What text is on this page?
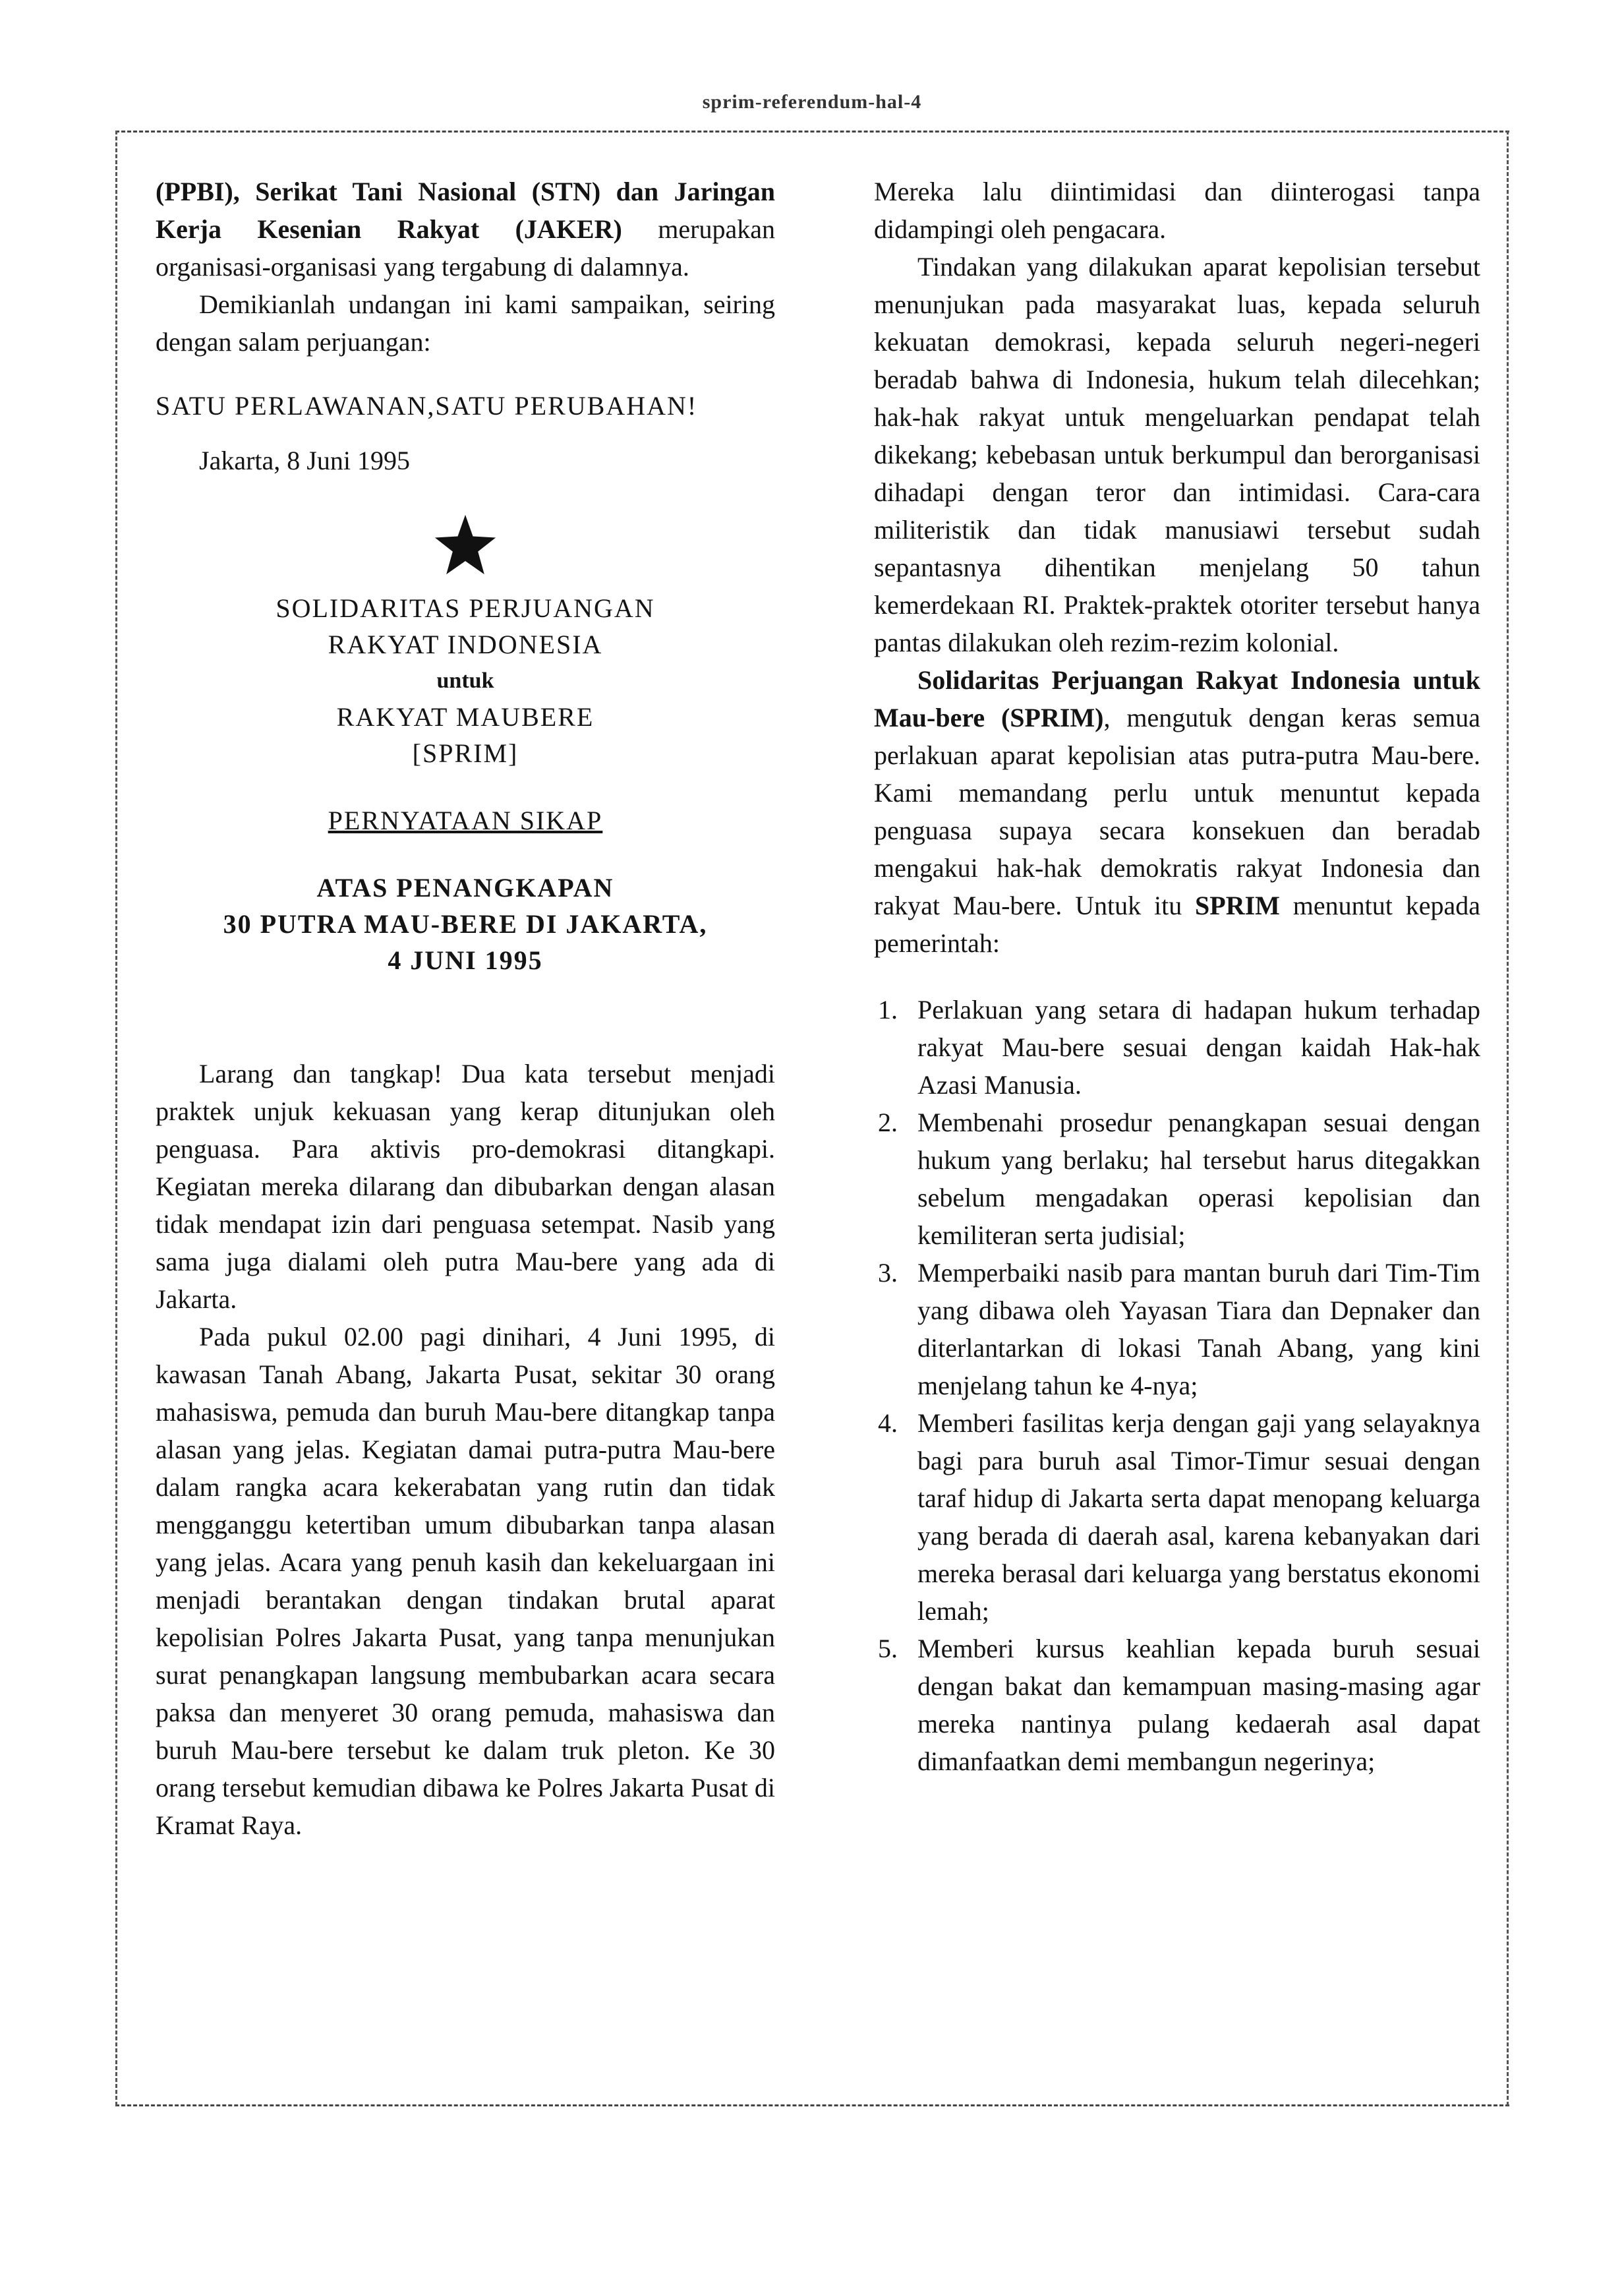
sprim-referendum-hal-4

(PPBI), Serikat Tani Nasional (STN) dan Jaringan Kerja Kesenian Rakyat (JAKER) merupakan organisasi-organisasi yang tergabung di dalamnya.

Demikianlah undangan ini kami sampaikan, seiring dengan salam perjuangan:

SATU PERLAWANAN,SATU PERUBAHAN!

Jakarta, 8 Juni 1995

SOLIDARITAS PERJUANGAN
RAKYAT INDONESIA
untuk
RAKYAT MAUBERE
[SPRIM]
PERNYATAAN SIKAP
ATAS PENANGKAPAN
30 PUTRA MAU-BERE DI JAKARTA,
4 JUNI 1995

Larang dan tangkap! Dua kata tersebut menjadi praktek unjuk kekuasan yang kerap ditunjukan oleh penguasa. Para aktivis pro-demokrasi ditangkapi. Kegiatan mereka dilarang dan dibubarkan dengan alasan tidak mendapat izin dari penguasa setempat. Nasib yang sama juga dialami oleh putra Mau-bere yang ada di Jakarta.

Pada pukul 02.00 pagi dinihari, 4 Juni 1995, di kawasan Tanah Abang, Jakarta Pusat, sekitar 30 orang mahasiswa, pemuda dan buruh Mau-bere ditangkap tanpa alasan yang jelas. Kegiatan damai putra-putra Mau-bere dalam rangka acara kekerabatan yang rutin dan tidak mengganggu ketertiban umum dibubarkan tanpa alasan yang jelas. Acara yang penuh kasih dan kekeluargaan ini menjadi berantakan dengan tindakan brutal aparat kepolisian Polres Jakarta Pusat, yang tanpa menunjukan surat penangkapan langsung membubarkan acara secara paksa dan menyeret 30 orang pemuda, mahasiswa dan buruh Mau-bere tersebut ke dalam truk pleton. Ke 30 orang tersebut kemudian dibawa ke Polres Jakarta Pusat di Kramat Raya.

Mereka lalu diintimidasi dan diinterogasi tanpa didampingi oleh pengacara.

Tindakan yang dilakukan aparat kepolisian tersebut menunjukan pada masyarakat luas, kepada seluruh kekuatan demokrasi, kepada seluruh negeri-negeri beradab bahwa di Indonesia, hukum telah dilecehkan; hak-hak rakyat untuk mengeluarkan pendapat telah dikekang; kebebasan untuk berkumpul dan berorganisasi dihadapi dengan teror dan intimidasi. Cara-cara militeristik dan tidak manusiawi tersebut sudah sepantasnya dihentikan menjelang 50 tahun kemerdekaan RI. Praktek-praktek otoriter tersebut hanya pantas dilakukan oleh rezim-rezim kolonial.

Solidaritas Perjuangan Rakyat Indonesia untuk Mau-bere (SPRIM), mengutuk dengan keras semua perlakuan aparat kepolisian atas putra-putra Mau-bere. Kami memandang perlu untuk menuntut kepada penguasa supaya secara konsekuen dan beradab mengakui hak-hak demokratis rakyat Indonesia dan rakyat Mau-bere. Untuk itu SPRIM menuntut kepada pemerintah:

1. Perlakuan yang setara di hadapan hukum terhadap rakyat Mau-bere sesuai dengan kaidah Hak-hak Azasi Manusia.
2. Membenahi prosedur penangkapan sesuai dengan hukum yang berlaku; hal tersebut harus ditegakkan sebelum mengadakan operasi kepolisian dan kemiliteran serta judisial;
3. Memperbaiki nasib para mantan buruh dari Tim-Tim yang dibawa oleh Yayasan Tiara dan Depnaker dan diterlantarkan di lokasi Tanah Abang, yang kini menjelang tahun ke 4-nya;
4. Memberi fasilitas kerja dengan gaji yang selayaknya bagi para buruh asal Timor-Timur sesuai dengan taraf hidup di Jakarta serta dapat menopang keluarga yang berada di daerah asal, karena kebanyakan dari mereka berasal dari keluarga yang berstatus ekonomi lemah;
5. Memberi kursus keahlian kepada buruh sesuai dengan bakat dan kemampuan masing-masing agar mereka nantinya pulang kedaerah asal dapat dimanfaatkan demi membangun negerinya;
